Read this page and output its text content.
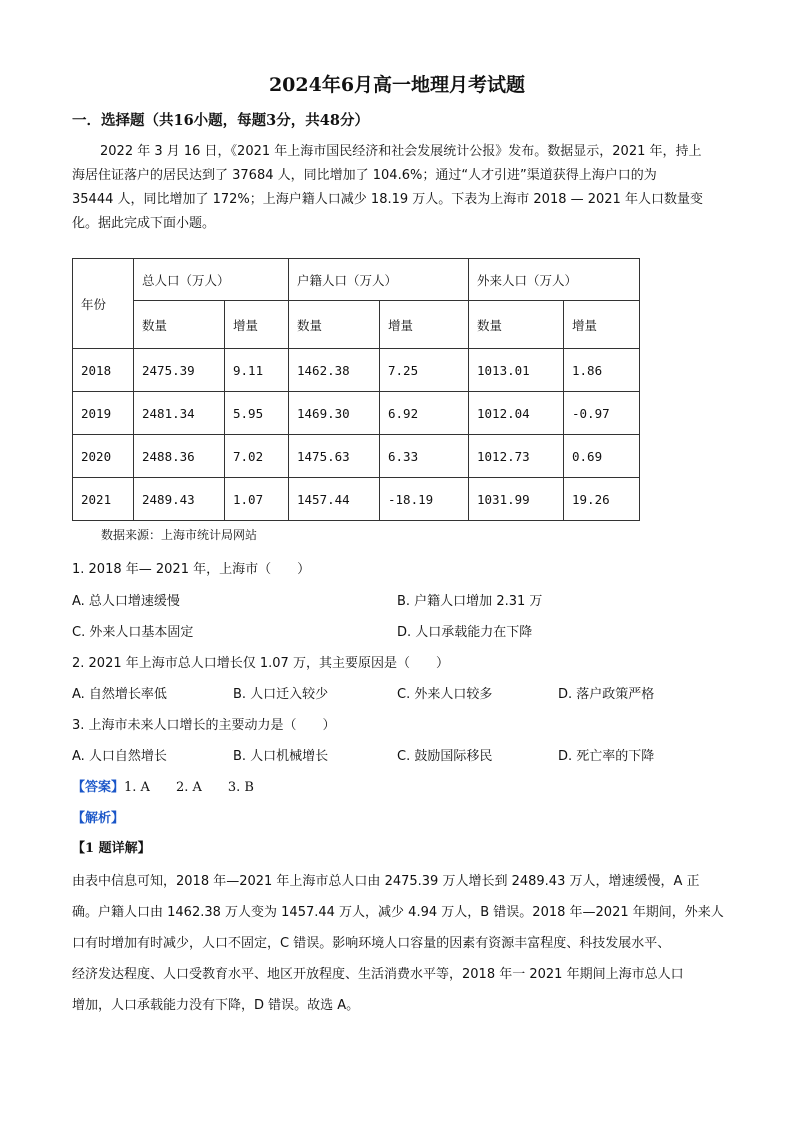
2024年6月高一地理月考试题
一．选择题（共16小题，每题3分，共48分）

2022 年 3 月 16 日，《2021 年上海市国民经济和社会发展统计公报》发布。数据显示，2021 年，持上

海居住证落户的居民达到了 37684 人，同比增加了 104.6%；通过“人才引进”渠道获得上海户口的为

35444 人，同比增加了 172%；上海户籍人口减少 18.19 万人。下表为上海市 2018 — 2021 年人口数量变

化。据此完成下面小题。

年份	总人口（万人）		户籍人口（万人）		外来人口（万人）	
	数量	增量	数量	增量	数量	增量
2018	2475.39	9.11	1462.38	7.25	1013.01	1.86
2019	2481.34	5.95	1469.30	6.92	1012.04	-0.97
2020	2488.36	7.02	1475.63	6.33	1012.73	0.69
2021	2489.43	1.07	1457.44	-18.19	1031.99	19.26
数据来源：上海市统计局网站
1. 2018 年— 2021 年，上海市（　　）
A. 总人口增速缓慢	B. 户籍人口增加 2.31 万
C. 外来人口基本固定	D. 人口承载能力在下降
2. 2021 年上海市总人口增长仅 1.07 万，其主要原因是（　　）
A. 自然增长率低	B. 人口迁入较少	C. 外来人口较多	D. 落户政策严格
3. 上海市未来人口增长的主要动力是（　　）
A. 人口自然增长	B. 人口机械增长	C. 鼓励国际移民	D. 死亡率的下降
【答案】1. A　　2. A　　3. B
【解析】
【1 题详解】

由表中信息可知，2018 年—2021 年上海市总人口由 2475.39 万人增长到 2489.43 万人，增速缓慢，A 正

确。户籍人口由 1462.38 万人变为 1457.44 万人，减少 4.94 万人，B 错误。2018 年—2021 年期间，外来人

口有时增加有时减少，人口不固定，C 错误。影响环境人口容量的因素有资源丰富程度、科技发展水平、

经济发达程度、人口受教育水平、地区开放程度、生活消费水平等，2018 年一 2021 年期间上海市总人口

增加，人口承载能力没有下降，D 错误。故选 A。
